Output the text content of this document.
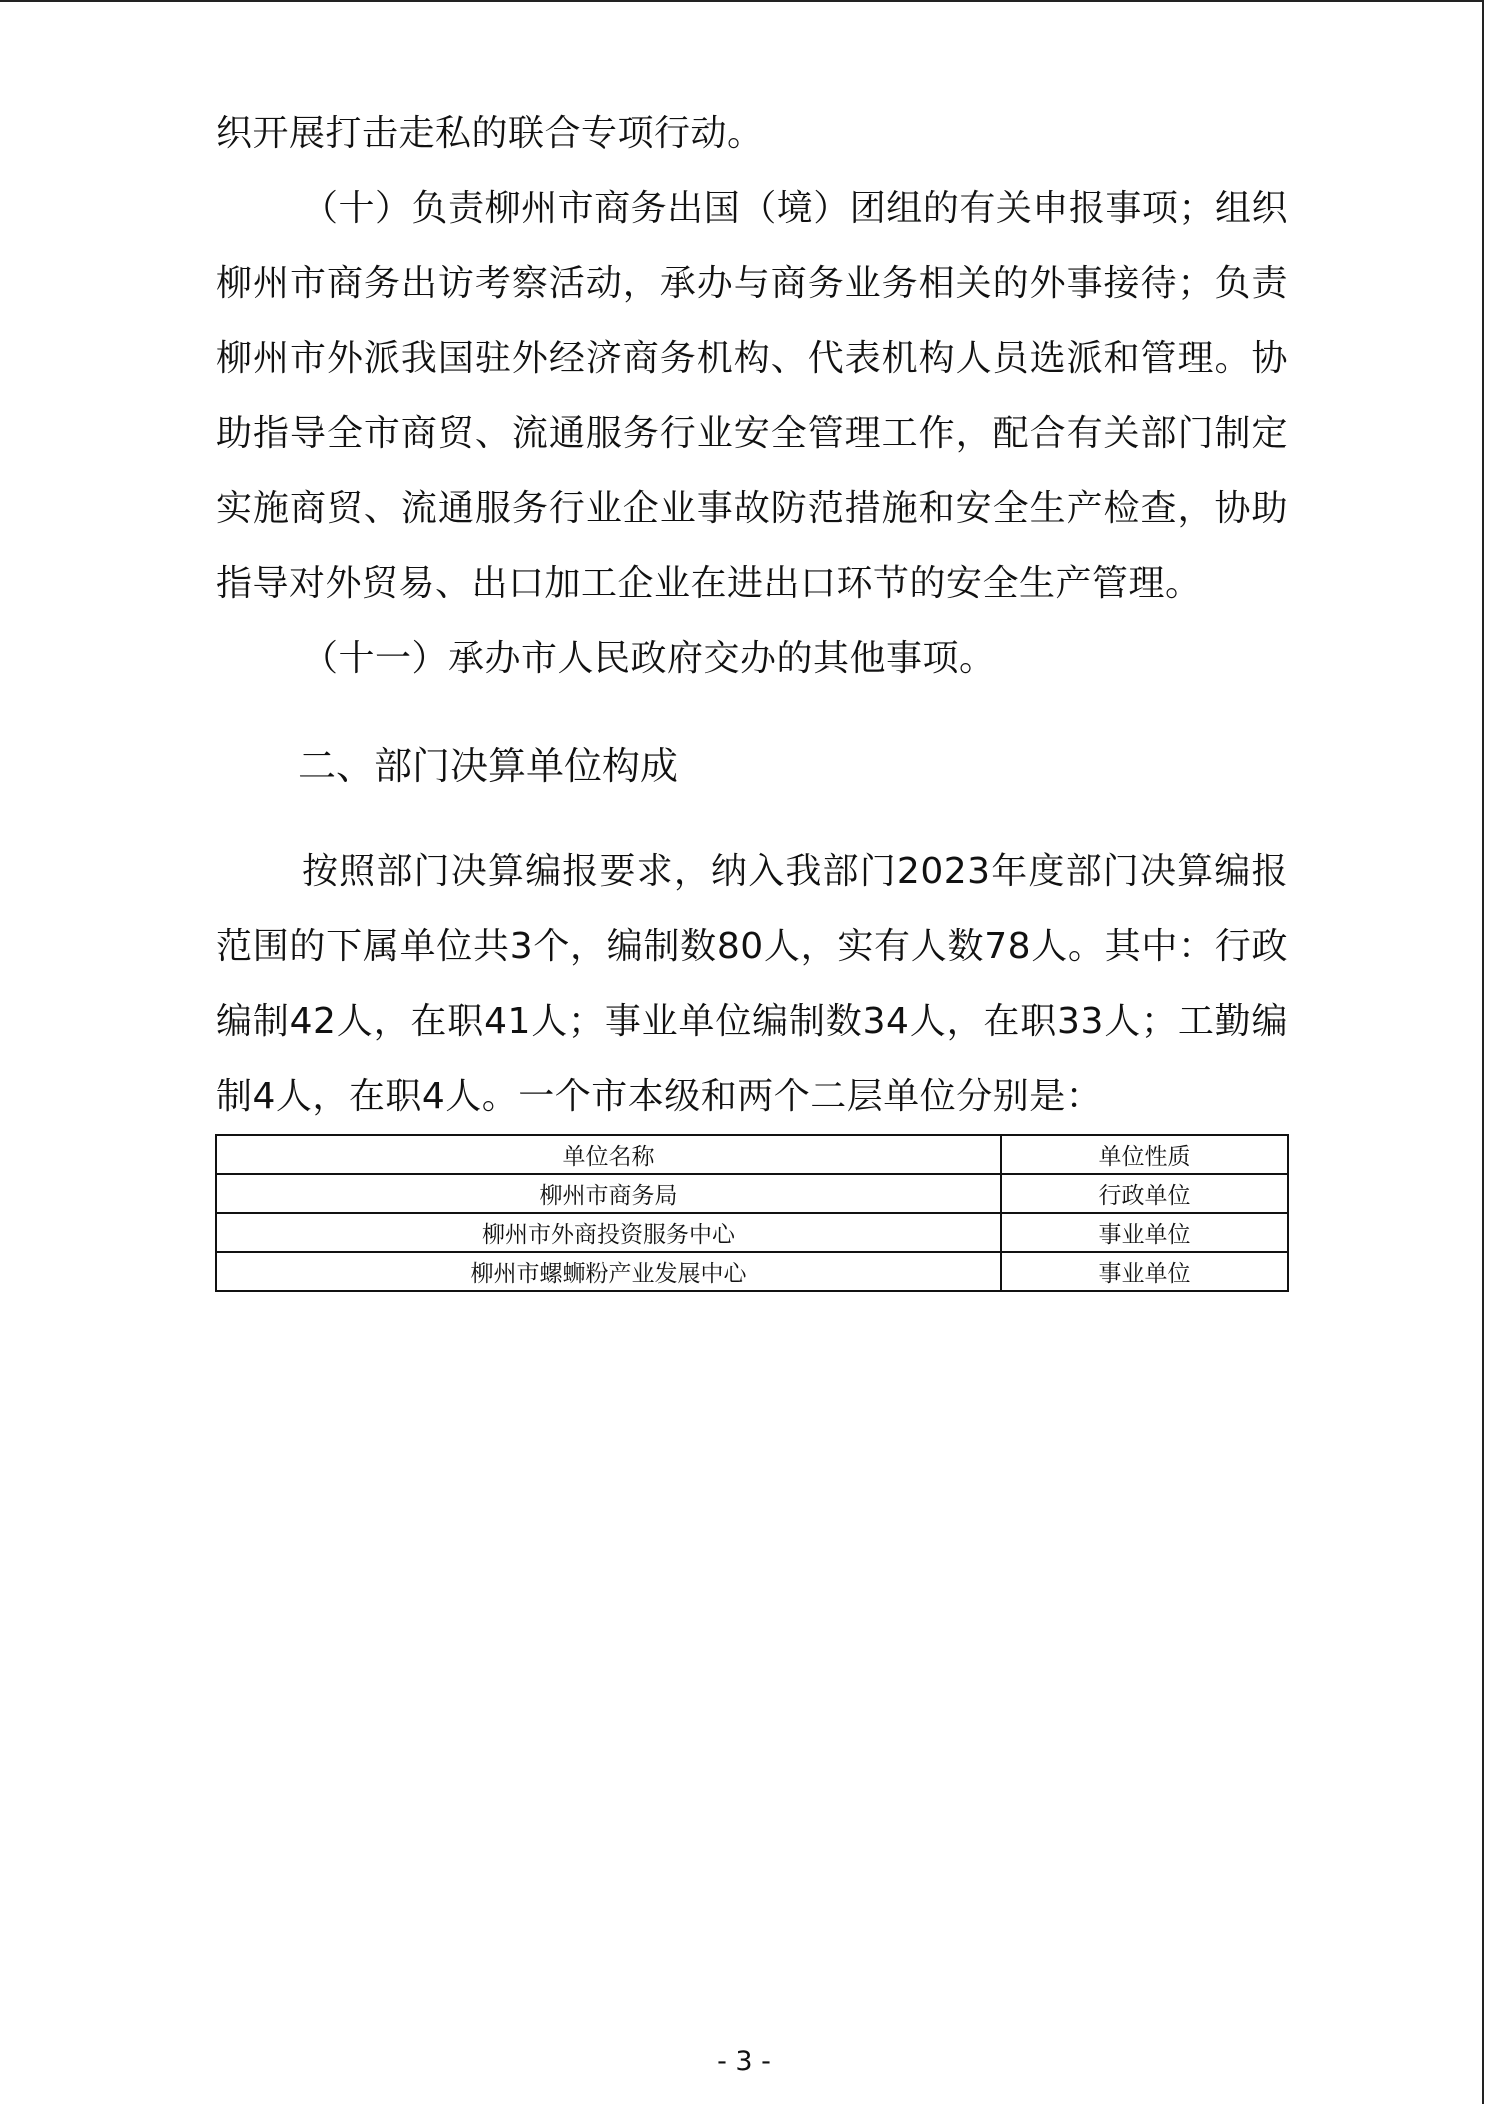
织开展打击走私的联合专项行动。

（十）负责柳州市商务出国（境）团组的有关申报事项；组织柳州市商务出访考察活动，承办与商务业务相关的外事接待；负责柳州市外派我国驻外经济商务机构、代表机构人员选派和管理。协助指导全市商贸、流通服务行业安全管理工作，配合有关部门制定实施商贸、流通服务行业企业事故防范措施和安全生产检查，协助指导对外贸易、出口加工企业在进出口环节的安全生产管理。

（十一）承办市人民政府交办的其他事项。

二、部门决算单位构成

按照部门决算编报要求，纳入我部门2023年度部门决算编报范围的下属单位共3个，编制数80人，实有人数78人。其中：行政编制42人，在职41人；事业单位编制数34人，在职33人；工勤编制4人，在职4人。一个市本级和两个二层单位分别是：

单位名称	单位性质
柳州市商务局	行政单位
柳州市外商投资服务中心	事业单位
柳州市螺蛳粉产业发展中心	事业单位
- 3 -
